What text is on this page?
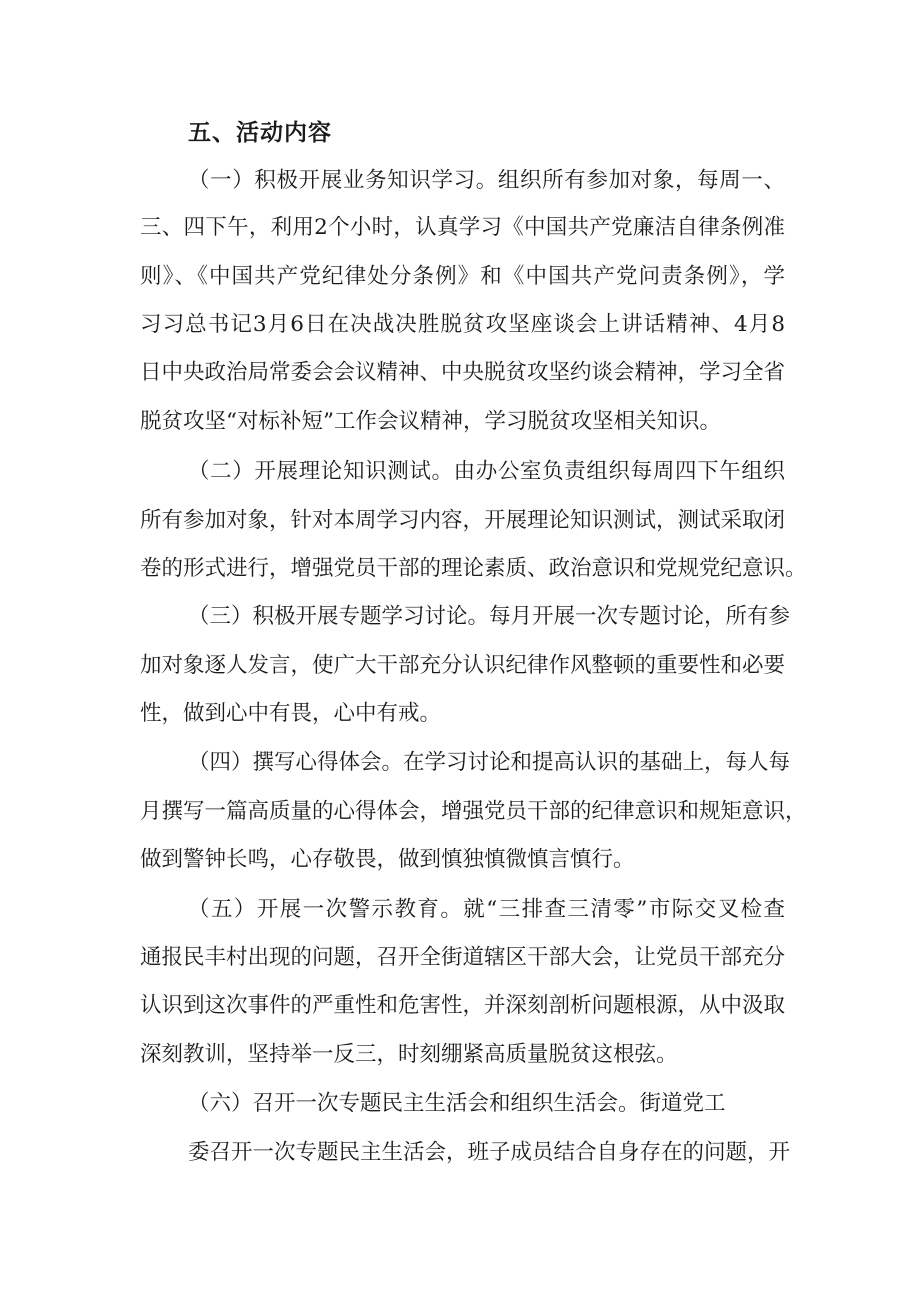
五、活动内容

（一）积极开展业务知识学习。组织所有参加对象，每周一、

三、四下午，利用2个小时，认真学习《中国共产党廉洁自律条例准

则》、《中国共产党纪律处分条例》和《中国共产党问责条例》，学

习习总书记3月6日在决战决胜脱贫攻坚座谈会上讲话精神、4月8

日中央政治局常委会会议精神、中央脱贫攻坚约谈会精神，学习全省

脱贫攻坚“对标补短”工作会议精神，学习脱贫攻坚相关知识。

（二）开展理论知识测试。由办公室负责组织每周四下午组织

所有参加对象，针对本周学习内容，开展理论知识测试，测试采取闭

卷的形式进行，增强党员干部的理论素质、政治意识和党规党纪意识。

（三）积极开展专题学习讨论。每月开展一次专题讨论，所有参

加对象逐人发言，使广大干部充分认识纪律作风整顿的重要性和必要

性，做到心中有畏，心中有戒。

（四）撰写心得体会。在学习讨论和提高认识的基础上，每人每

月撰写一篇高质量的心得体会，增强党员干部的纪律意识和规矩意识，

做到警钟长鸣，心存敬畏，做到慎独慎微慎言慎行。

（五）开展一次警示教育。就“三排查三清零”市际交叉检查

通报民丰村出现的问题，召开全街道辖区干部大会，让党员干部充分

认识到这次事件的严重性和危害性，并深刻剖析问题根源，从中汲取

深刻教训，坚持举一反三，时刻绷紧高质量脱贫这根弦。

（六）召开一次专题民主生活会和组织生活会。街道党工

委召开一次专题民主生活会，班子成员结合自身存在的问题，开
